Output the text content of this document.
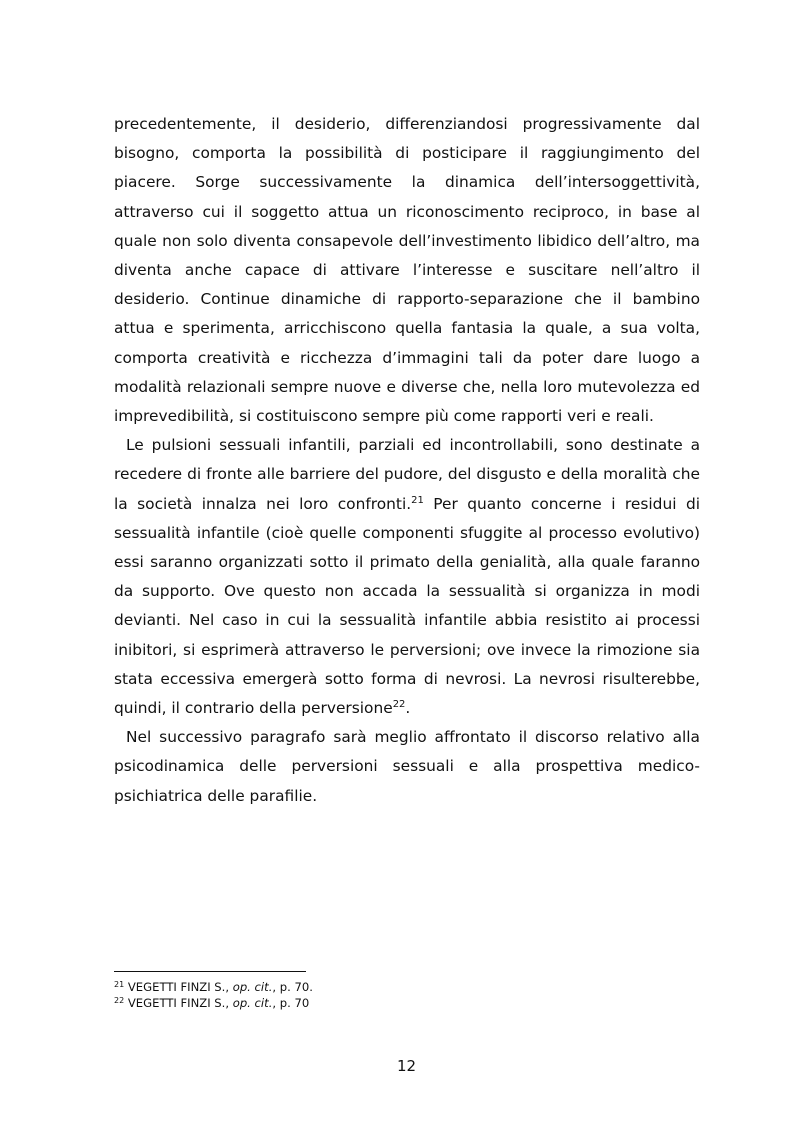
precedentemente, il desiderio, differenziandosi progressivamente dal bisogno, comporta la possibilità di posticipare il raggiungimento del piacere. Sorge successivamente la dinamica dell’intersoggettività, attraverso cui il soggetto attua un riconoscimento reciproco, in base al quale non solo diventa consapevole dell’investimento libidico dell’altro, ma diventa anche capace di attivare l’interesse e suscitare nell’altro il desiderio. Continue dinamiche di rapporto-separazione che il bambino attua e sperimenta, arricchiscono quella fantasia la quale, a sua volta, comporta creatività e ricchezza d’immagini tali da poter dare luogo a modalità relazionali sempre nuove e diverse che, nella loro mutevolezza ed imprevedibilità, si costituiscono sempre più come rapporti veri e reali.

Le pulsioni sessuali infantili, parziali ed incontrollabili, sono destinate a recedere di fronte alle barriere del pudore, del disgusto e della moralità che la società innalza nei loro confronti.$^{21}$ Per quanto concerne i residui di sessualità infantile (cioè quelle componenti sfuggite al processo evolutivo) essi saranno organizzati sotto il primato della genialità, alla quale faranno da supporto. Ove questo non accada la sessualità si organizza in modi devianti. Nel caso in cui la sessualità infantile abbia resistito ai processi inibitori, si esprimerà attraverso le perversioni; ove invece la rimozione sia stata eccessiva emergerà sotto forma di nevrosi. La nevrosi risulterebbe, quindi, il contrario della perversione$^{22}$.

Nel successivo paragrafo sarà meglio affrontato il discorso relativo alla psicodinamica delle perversioni sessuali e alla prospettiva medico-psichiatrica delle parafilie.

$^{21}$ VEGETTI FINZI S., op. cit., p. 70.

$^{22}$ VEGETTI FINZI S., op. cit., p. 70

12
